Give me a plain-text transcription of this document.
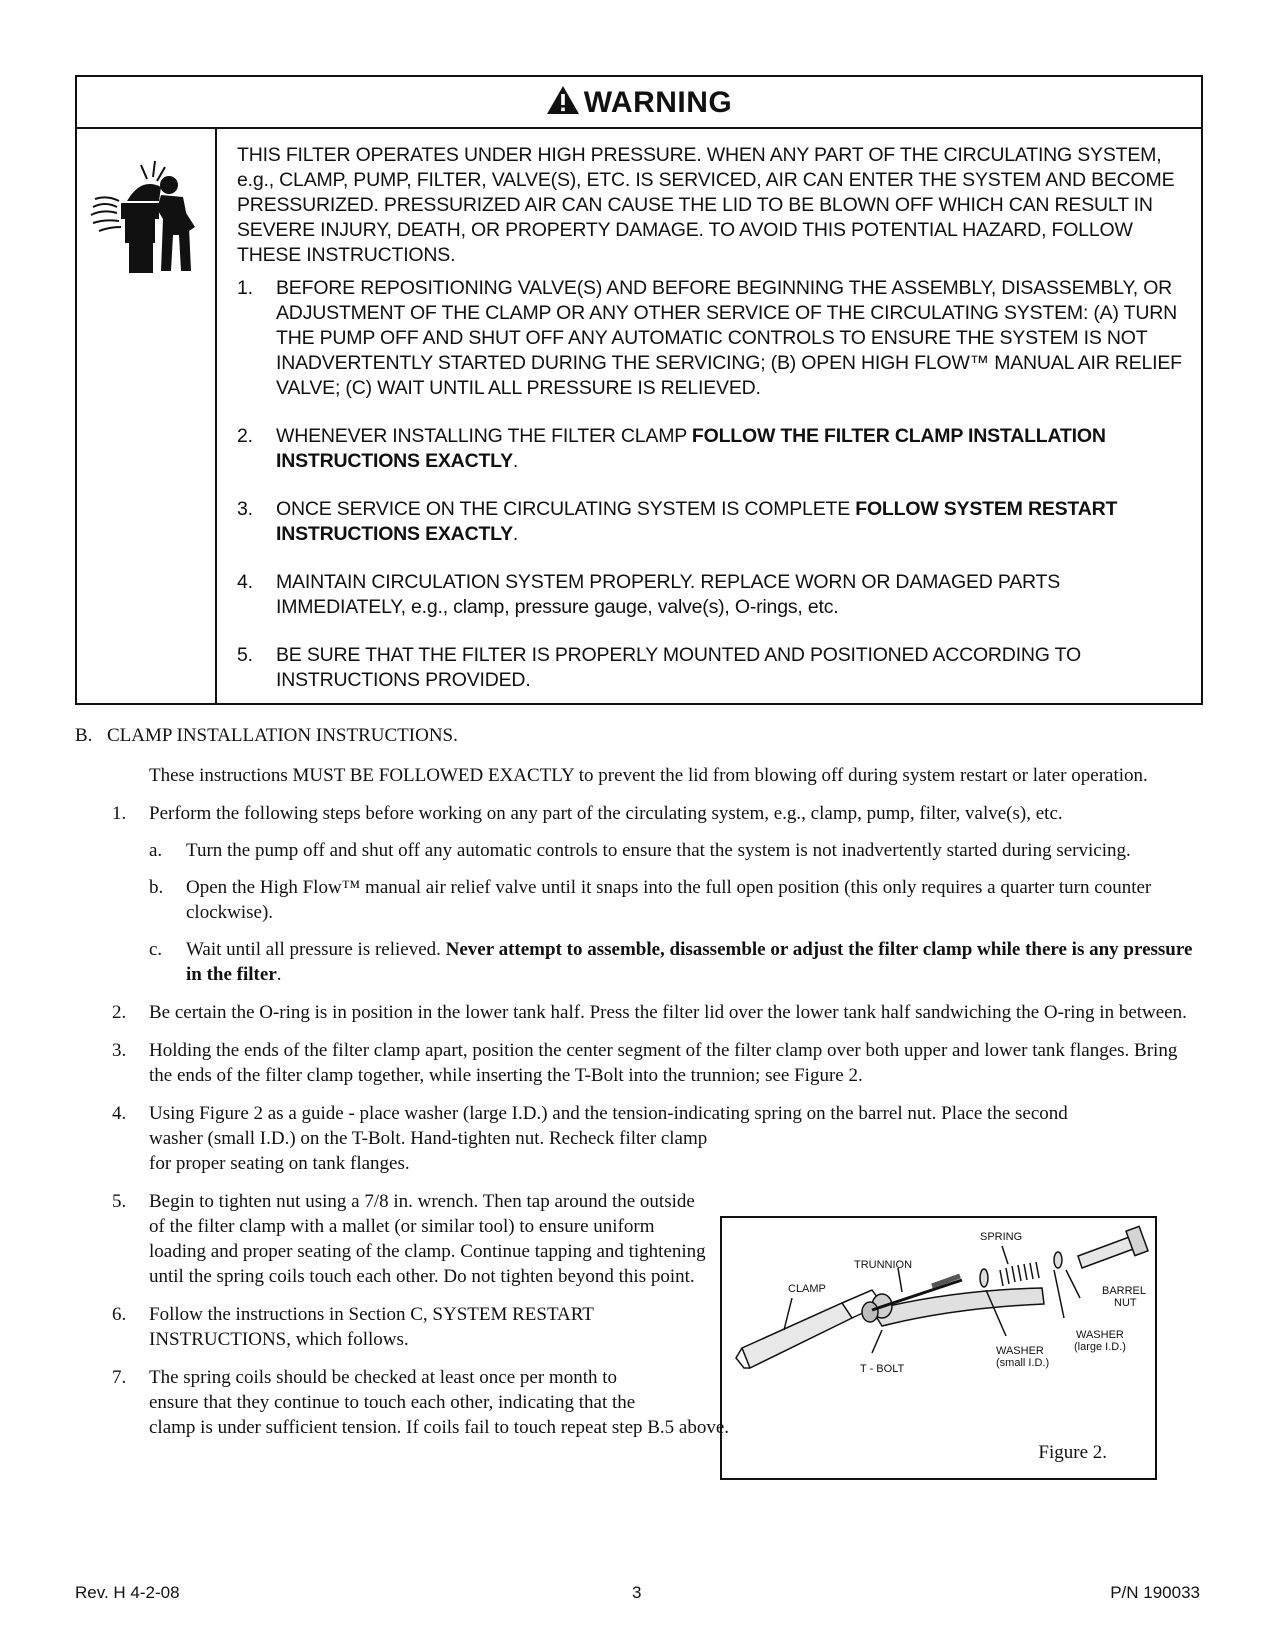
WARNING

THIS FILTER OPERATES UNDER HIGH PRESSURE. WHEN ANY PART OF THE CIRCULATING SYSTEM, e.g., CLAMP, PUMP, FILTER, VALVE(S), ETC. IS SERVICED, AIR CAN ENTER THE SYSTEM AND BECOME PRESSURIZED. PRESSURIZED AIR CAN CAUSE THE LID TO BE BLOWN OFF WHICH CAN RESULT IN SEVERE INJURY, DEATH, OR PROPERTY DAMAGE. TO AVOID THIS POTENTIAL HAZARD, FOLLOW THESE INSTRUCTIONS.

1.	BEFORE REPOSITIONING VALVE(S) AND BEFORE BEGINNING THE ASSEMBLY, DISASSEMBLY, OR ADJUSTMENT OF THE CLAMP OR ANY OTHER SERVICE OF THE CIRCULATING SYSTEM: (A) TURN THE PUMP OFF AND SHUT OFF ANY AUTOMATIC CONTROLS TO ENSURE THE SYSTEM IS NOT INADVERTENTLY STARTED DURING THE SERVICING; (B) OPEN HIGH FLOW™ MANUAL AIR RELIEF VALVE; (C) WAIT UNTIL ALL PRESSURE IS RELIEVED.
2.	WHENEVER INSTALLING THE FILTER CLAMP FOLLOW THE FILTER CLAMP INSTALLATION INSTRUCTIONS EXACTLY.
3.	ONCE SERVICE ON THE CIRCULATING SYSTEM IS COMPLETE FOLLOW SYSTEM RESTART INSTRUCTIONS EXACTLY.
4.	MAINTAIN CIRCULATION SYSTEM PROPERLY. REPLACE WORN OR DAMAGED PARTS IMMEDIATELY, e.g., clamp, pressure gauge, valve(s), O-rings, etc.
5.	BE SURE THAT THE FILTER IS PROPERLY MOUNTED AND POSITIONED ACCORDING TO INSTRUCTIONS PROVIDED.
B. CLAMP INSTALLATION INSTRUCTIONS.

These instructions MUST BE FOLLOWED EXACTLY to prevent the lid from blowing off during system restart or later operation.

1.	Perform the following steps before working on any part of the circulating system, e.g., clamp, pump, filter, valve(s), etc.
a.	Turn the pump off and shut off any automatic controls to ensure that the system is not inadvertently started during servicing.
b.	Open the High Flow™ manual air relief valve until it snaps into the full open position (this only requires a quarter turn counter clockwise).
c.	Wait until all pressure is relieved. Never attempt to assemble, disassemble or adjust the filter clamp while there is any pressure in the filter.
2.	Be certain the O-ring is in position in the lower tank half. Press the filter lid over the lower tank half sandwiching the O-ring in between.
3.	Holding the ends of the filter clamp apart, position the center segment of the filter clamp over both upper and lower tank flanges. Bring the ends of the filter clamp together, while inserting the T-Bolt into the trunnion; see Figure 2.
4.	Using Figure 2 as a guide - place washer (large I.D.) and the tension-indicating spring on the barrel nut. Place the second

washer (small I.D.) on the T-Bolt. Hand-tighten nut. Recheck filter clamp for proper seating on tank flanges.
5.	Begin to tighten nut using a 7/8 in. wrench. Then tap around the outside of the filter clamp with a mallet (or similar tool) to ensure uniform loading and proper seating of the clamp. Continue tapping and tightening until the spring coils touch each other. Do not tighten beyond this point.
6.	Follow the instructions in Section C, SYSTEM RESTART INSTRUCTIONS, which follows.
7.	The spring coils should be checked at least once per month to
ensure that they continue to touch each other, indicating that the
clamp is under sufficient tension. If coils fail to touch repeat step B.5 above.
SPRING
TRUNNION
CLAMP	BARREL
NUT
WASHER
(large I.D.)
WASHER
(small I.D.)
T - BOLT
Figure 2.
Rev. H 4-2-08	3	P/N 190033
